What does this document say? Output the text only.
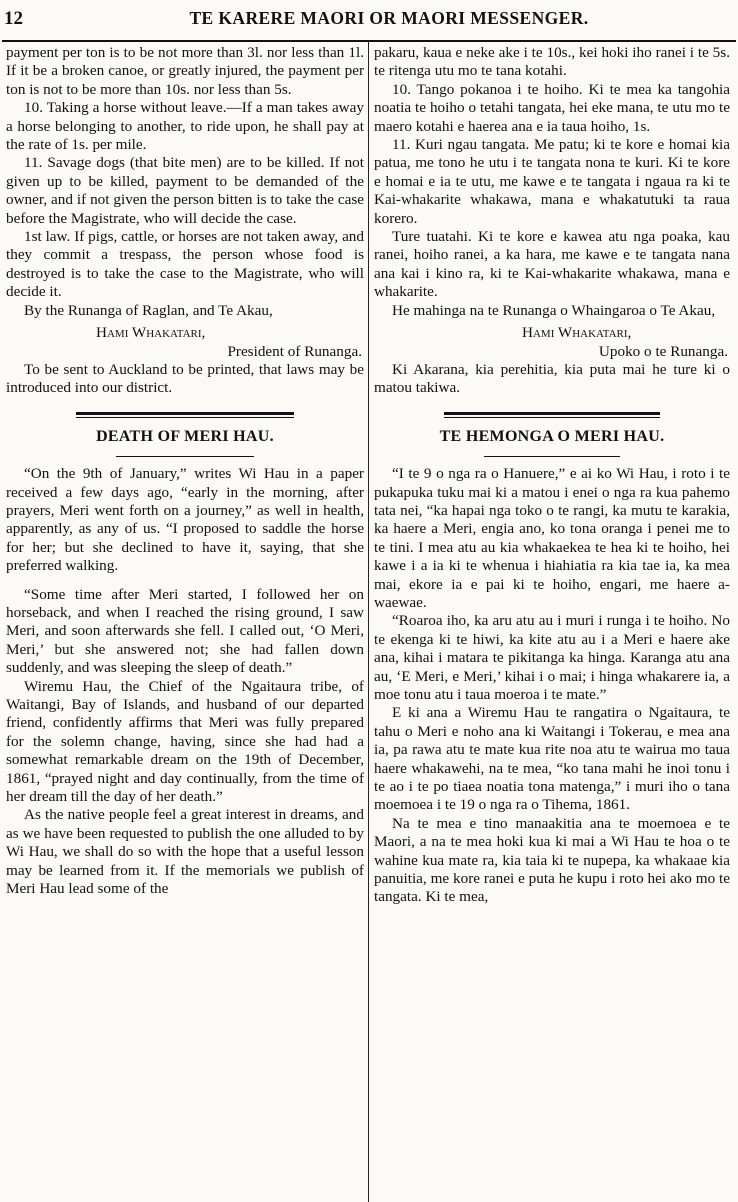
12	TE KARERE MAORI OR MAORI MESSENGER.

payment per ton is to be not more than 3l. nor less than 1l. If it be a broken canoe, or greatly injured, the payment per ton is not to be more than 10s. nor less than 5s.

10. Taking a horse without leave.—If a man takes away a horse belonging to another, to ride upon, he shall pay at the rate of 1s. per mile.

11. Savage dogs (that bite men) are to be killed. If not given up to be killed, payment to be demanded of the owner, and if not given the person bitten is to take the case before the Magistrate, who will decide the case.

1st law. If pigs, cattle, or horses are not taken away, and they commit a trespass, the person whose food is destroyed is to take the case to the Magistrate, who will decide it.

By the Runanga of Raglan, and Te Akau,

Hami Whakatari,

President of Runanga.

To be sent to Auckland to be printed, that laws may be introduced into our district.

DEATH OF MERI HAU.

“On the 9th of January,” writes Wi Hau in a paper received a few days ago, “early in the morning, after prayers, Meri went forth on a journey,” as well in health, apparently, as any of us. “I proposed to saddle the horse for her; but she declined to have it, saying, that she preferred walking.

“Some time after Meri started, I followed her on horseback, and when I reached the rising ground, I saw Meri, and soon afterwards she fell. I called out, ‘O Meri, Meri,’ but she answered not; she had fallen down suddenly, and was sleeping the sleep of death.”

Wiremu Hau, the Chief of the Ngaitaura tribe, of Waitangi, Bay of Islands, and husband of our departed friend, confidently affirms that Meri was fully prepared for the solemn change, having, since she had had a somewhat remarkable dream on the 19th of December, 1861, “prayed night and day continually, from the time of her dream till the day of her death.”

As the native people feel a great interest in dreams, and as we have been requested to publish the one alluded to by Wi Hau, we shall do so with the hope that a useful lesson may be learned from it. If the memorials we publish of Meri Hau lead some of the

pakaru, kaua e neke ake i te 10s., kei hoki iho ranei i te 5s. te ritenga utu mo te tana kotahi.

10. Tango pokanoa i te hoiho. Ki te mea ka tangohia noatia te hoiho o tetahi tangata, hei eke mana, te utu mo te maero kotahi e haerea ana e ia taua hoiho, 1s.

11. Kuri ngau tangata. Me patu; ki te kore e homai kia patua, me tono he utu i te tangata nona te kuri. Ki te kore e homai e ia te utu, me kawe e te tangata i ngaua ra ki te Kai-whakarite whakawa, mana e whakatutuki ta raua korero.

Ture tuatahi. Ki te kore e kawea atu nga poaka, kau ranei, hoiho ranei, a ka hara, me kawe e te tangata nana ana kai i kino ra, ki te Kai-whakarite whakawa, mana e whakarite.

He mahinga na te Runanga o Whaingaroa o Te Akau,

Hami Whakatari,

Upoko o te Runanga.

Ki Akarana, kia perehitia, kia puta mai he ture ki o matou takiwa.

TE HEMONGA O MERI HAU.

“I te 9 o nga ra o Hanuere,” e ai ko Wi Hau, i roto i te pukapuka tuku mai ki a matou i enei o nga ra kua pahemo tata nei, “ka hapai nga toko o te rangi, ka mutu te karakia, ka haere a Meri, engia ano, ko tona oranga i penei me to te tini. I mea atu au kia whakaekea te hea ki te hoiho, hei kawe i a ia ki te whenua i hiahiatia ra kia tae ia, ka mea mai, ekore ia e pai ki te hoiho, engari, me haere a-waewae.

“Roaroa iho, ka aru atu au i muri i runga i te hoiho. No te ekenga ki te hiwi, ka kite atu au i a Meri e haere ake ana, kihai i matara te pikitanga ka hinga. Karanga atu ana au, ‘E Meri, e Meri,’ kihai i o mai; i hinga whakarere ia, a moe tonu atu i taua moeroa i te mate.”

E ki ana a Wiremu Hau te rangatira o Ngaitaura, te tahu o Meri e noho ana ki Waitangi i Tokerau, e mea ana ia, pa rawa atu te mate kua rite noa atu te wairua mo taua haere whakawehi, na te mea, “ko tana mahi he inoi tonu i te ao i te po tiaea noatia tona matenga,” i muri iho o tana moemoea i te 19 o nga ra o Tihema, 1861.

Na te mea e tino manaakitia ana te moemoea e te Maori, a na te mea hoki kua ki mai a Wi Hau te hoa o te wahine kua mate ra, kia taia ki te nupepa, ka whakaae kia panuitia, me kore ranei e puta he kupu i roto hei ako mo te tangata. Ki te mea,
